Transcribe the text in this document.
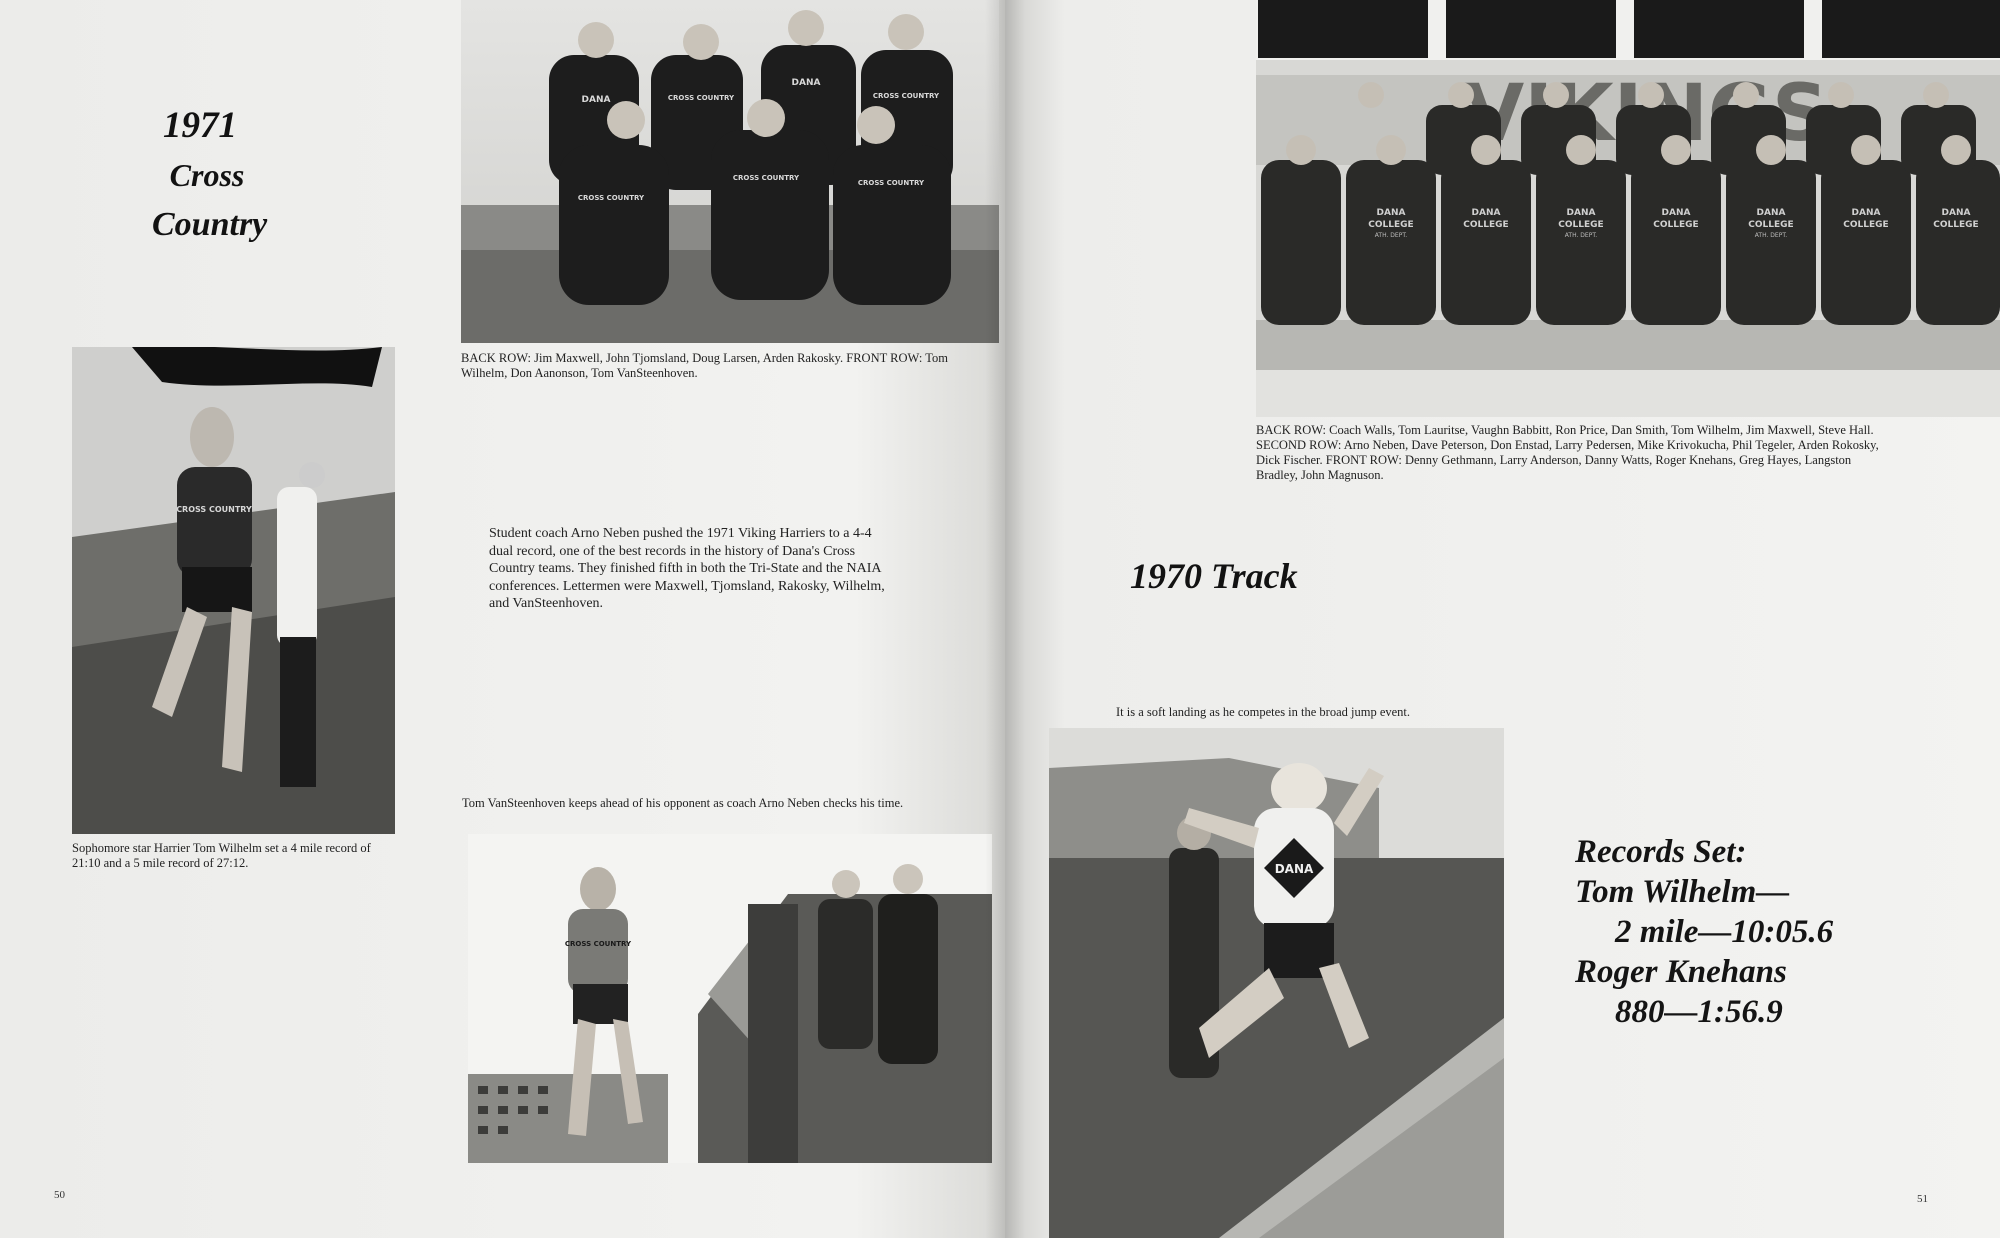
1971
Cross
Country
DANA	CROSS COUNTRY
DANA
CROSS COUNTRY
CROSS COUNTRY
CROSS COUNTRY
CROSS COUNTRY

BACK ROW: Jim Maxwell, John Tjomsland, Doug Larsen, Arden Rakosky. FRONT ROW: Tom Wilhelm, Don Aanonson, Tom VanSteenhoven.

CROSS COUNTRY

Sophomore star Harrier Tom Wilhelm set a 4 mile record of 21:10 and a 5 mile record of 27:12.

Student coach Arno Neben pushed the 1971 Viking Harriers to a 4-4 dual record, one of the best records in the history of Dana's Cross Country teams. They finished fifth in both the Tri-State and the NAIA conferences. Lettermen were Maxwell, Tjomsland, Rakosky, Wilhelm, and VanSteenhoven.

Tom VanSteenhoven keeps ahead of his opponent as coach Arno Neben checks his time.

CROSS COUNTRY
50
DANA
COLLEGE
DANA
COLLEGE
DANA
COLLEGE
DANA
COLLEGE
DANA
COLLEGE
DANA
COLLEGE
DANA
COLLEGE
ATH. DEPT.	ATH. DEPT.	ATH. DEPT.

BACK ROW: Coach Walls, Tom Lauritse, Vaughn Babbitt, Ron Price, Dan Smith, Tom Wilhelm, Jim Maxwell, Steve Hall. SECOND ROW: Arno Neben, Dave Peterson, Don Enstad, Larry Pedersen, Mike Krivokucha, Phil Tegeler, Arden Rokosky, Dick Fischer. FRONT ROW: Denny Gethmann, Larry Anderson, Danny Watts, Roger Knehans, Greg Hayes, Langston Bradley, John Magnuson.

1970 Track

It is a soft landing as he competes in the broad jump event.

DANA	Records Set:
Tom Wilhelm—
2 mile—10:05.6
Roger Knehans
880—1:56.9
51
